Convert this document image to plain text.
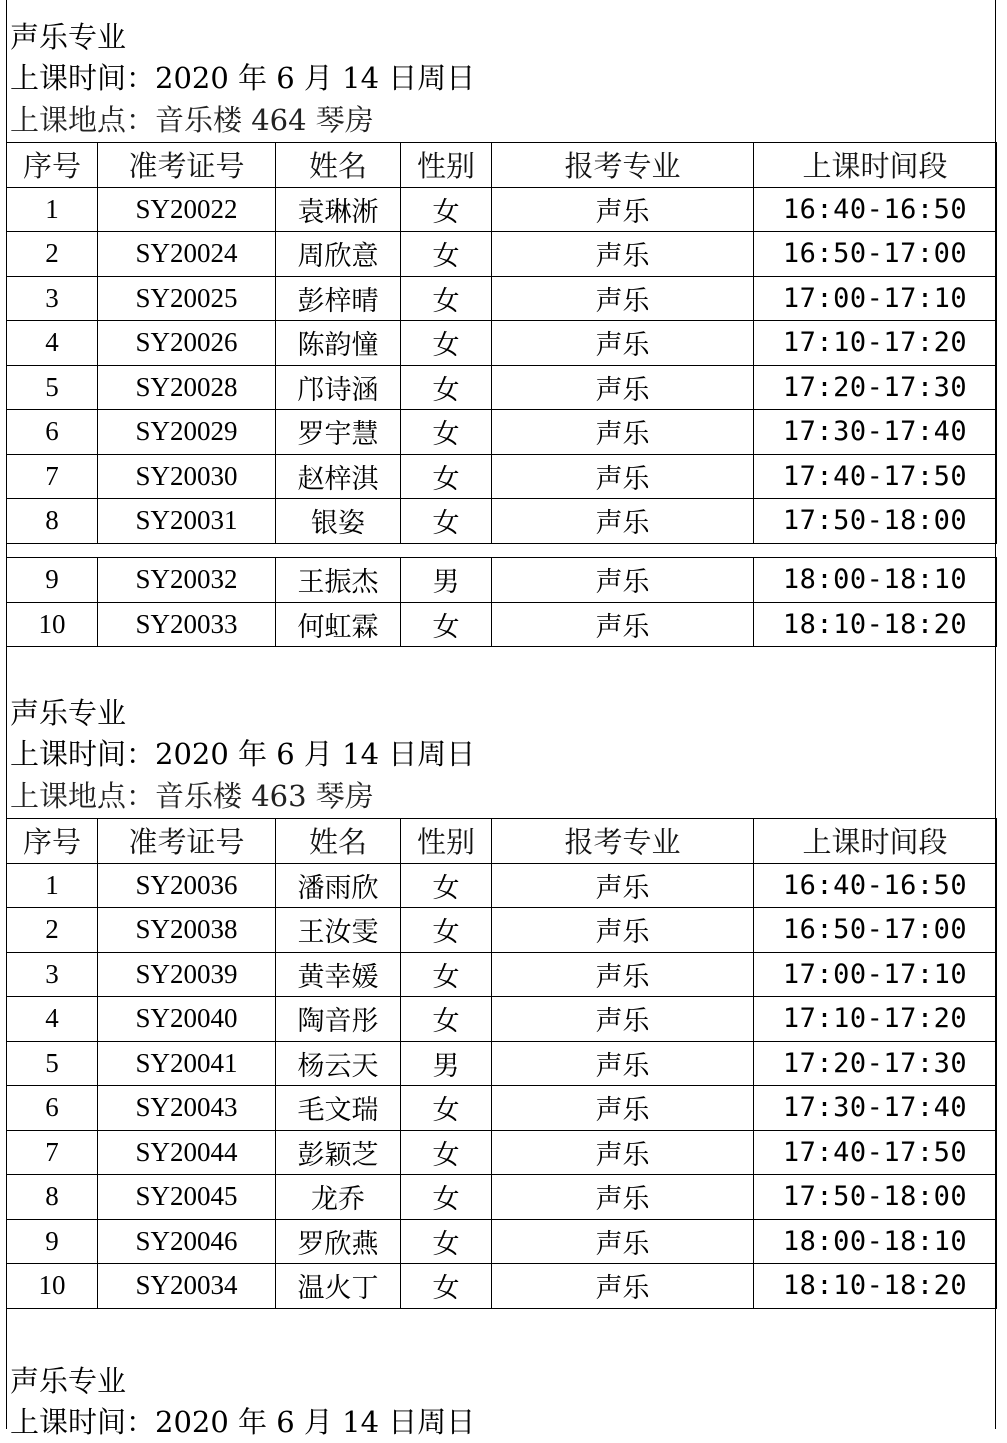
声乐专业
上课时间：2020 年 6 月 14 日周日
上课地点：音乐楼 464 琴房
序号	准考证号	姓名	性别	报考专业	上课时间段
1	SY20022	袁琳淅	女	声乐	16:40-16:50
2	SY20024	周欣意	女	声乐	16:50-17:00
3	SY20025	彭梓晴	女	声乐	17:00-17:10
4	SY20026	陈韵憧	女	声乐	17:10-17:20
5	SY20028	邝诗涵	女	声乐	17:20-17:30
6	SY20029	罗宇慧	女	声乐	17:30-17:40
7	SY20030	赵梓淇	女	声乐	17:40-17:50
8	SY20031	银姿	女	声乐	17:50-18:00
9	SY20032	王振杰	男	声乐	18:00-18:10
10	SY20033	何虹霖	女	声乐	18:10-18:20
声乐专业
上课时间：2020 年 6 月 14 日周日
上课地点：音乐楼 463 琴房
序号	准考证号	姓名	性别	报考专业	上课时间段
1	SY20036	潘雨欣	女	声乐	16:40-16:50
2	SY20038	王汝雯	女	声乐	16:50-17:00
3	SY20039	黄幸媛	女	声乐	17:00-17:10
4	SY20040	陶音彤	女	声乐	17:10-17:20
5	SY20041	杨云天	男	声乐	17:20-17:30
6	SY20043	毛文瑞	女	声乐	17:30-17:40
7	SY20044	彭颖芝	女	声乐	17:40-17:50
8	SY20045	龙乔	女	声乐	17:50-18:00
9	SY20046	罗欣燕	女	声乐	18:00-18:10
10	SY20034	温火丁	女	声乐	18:10-18:20
声乐专业
上课时间：2020 年 6 月 14 日周日
